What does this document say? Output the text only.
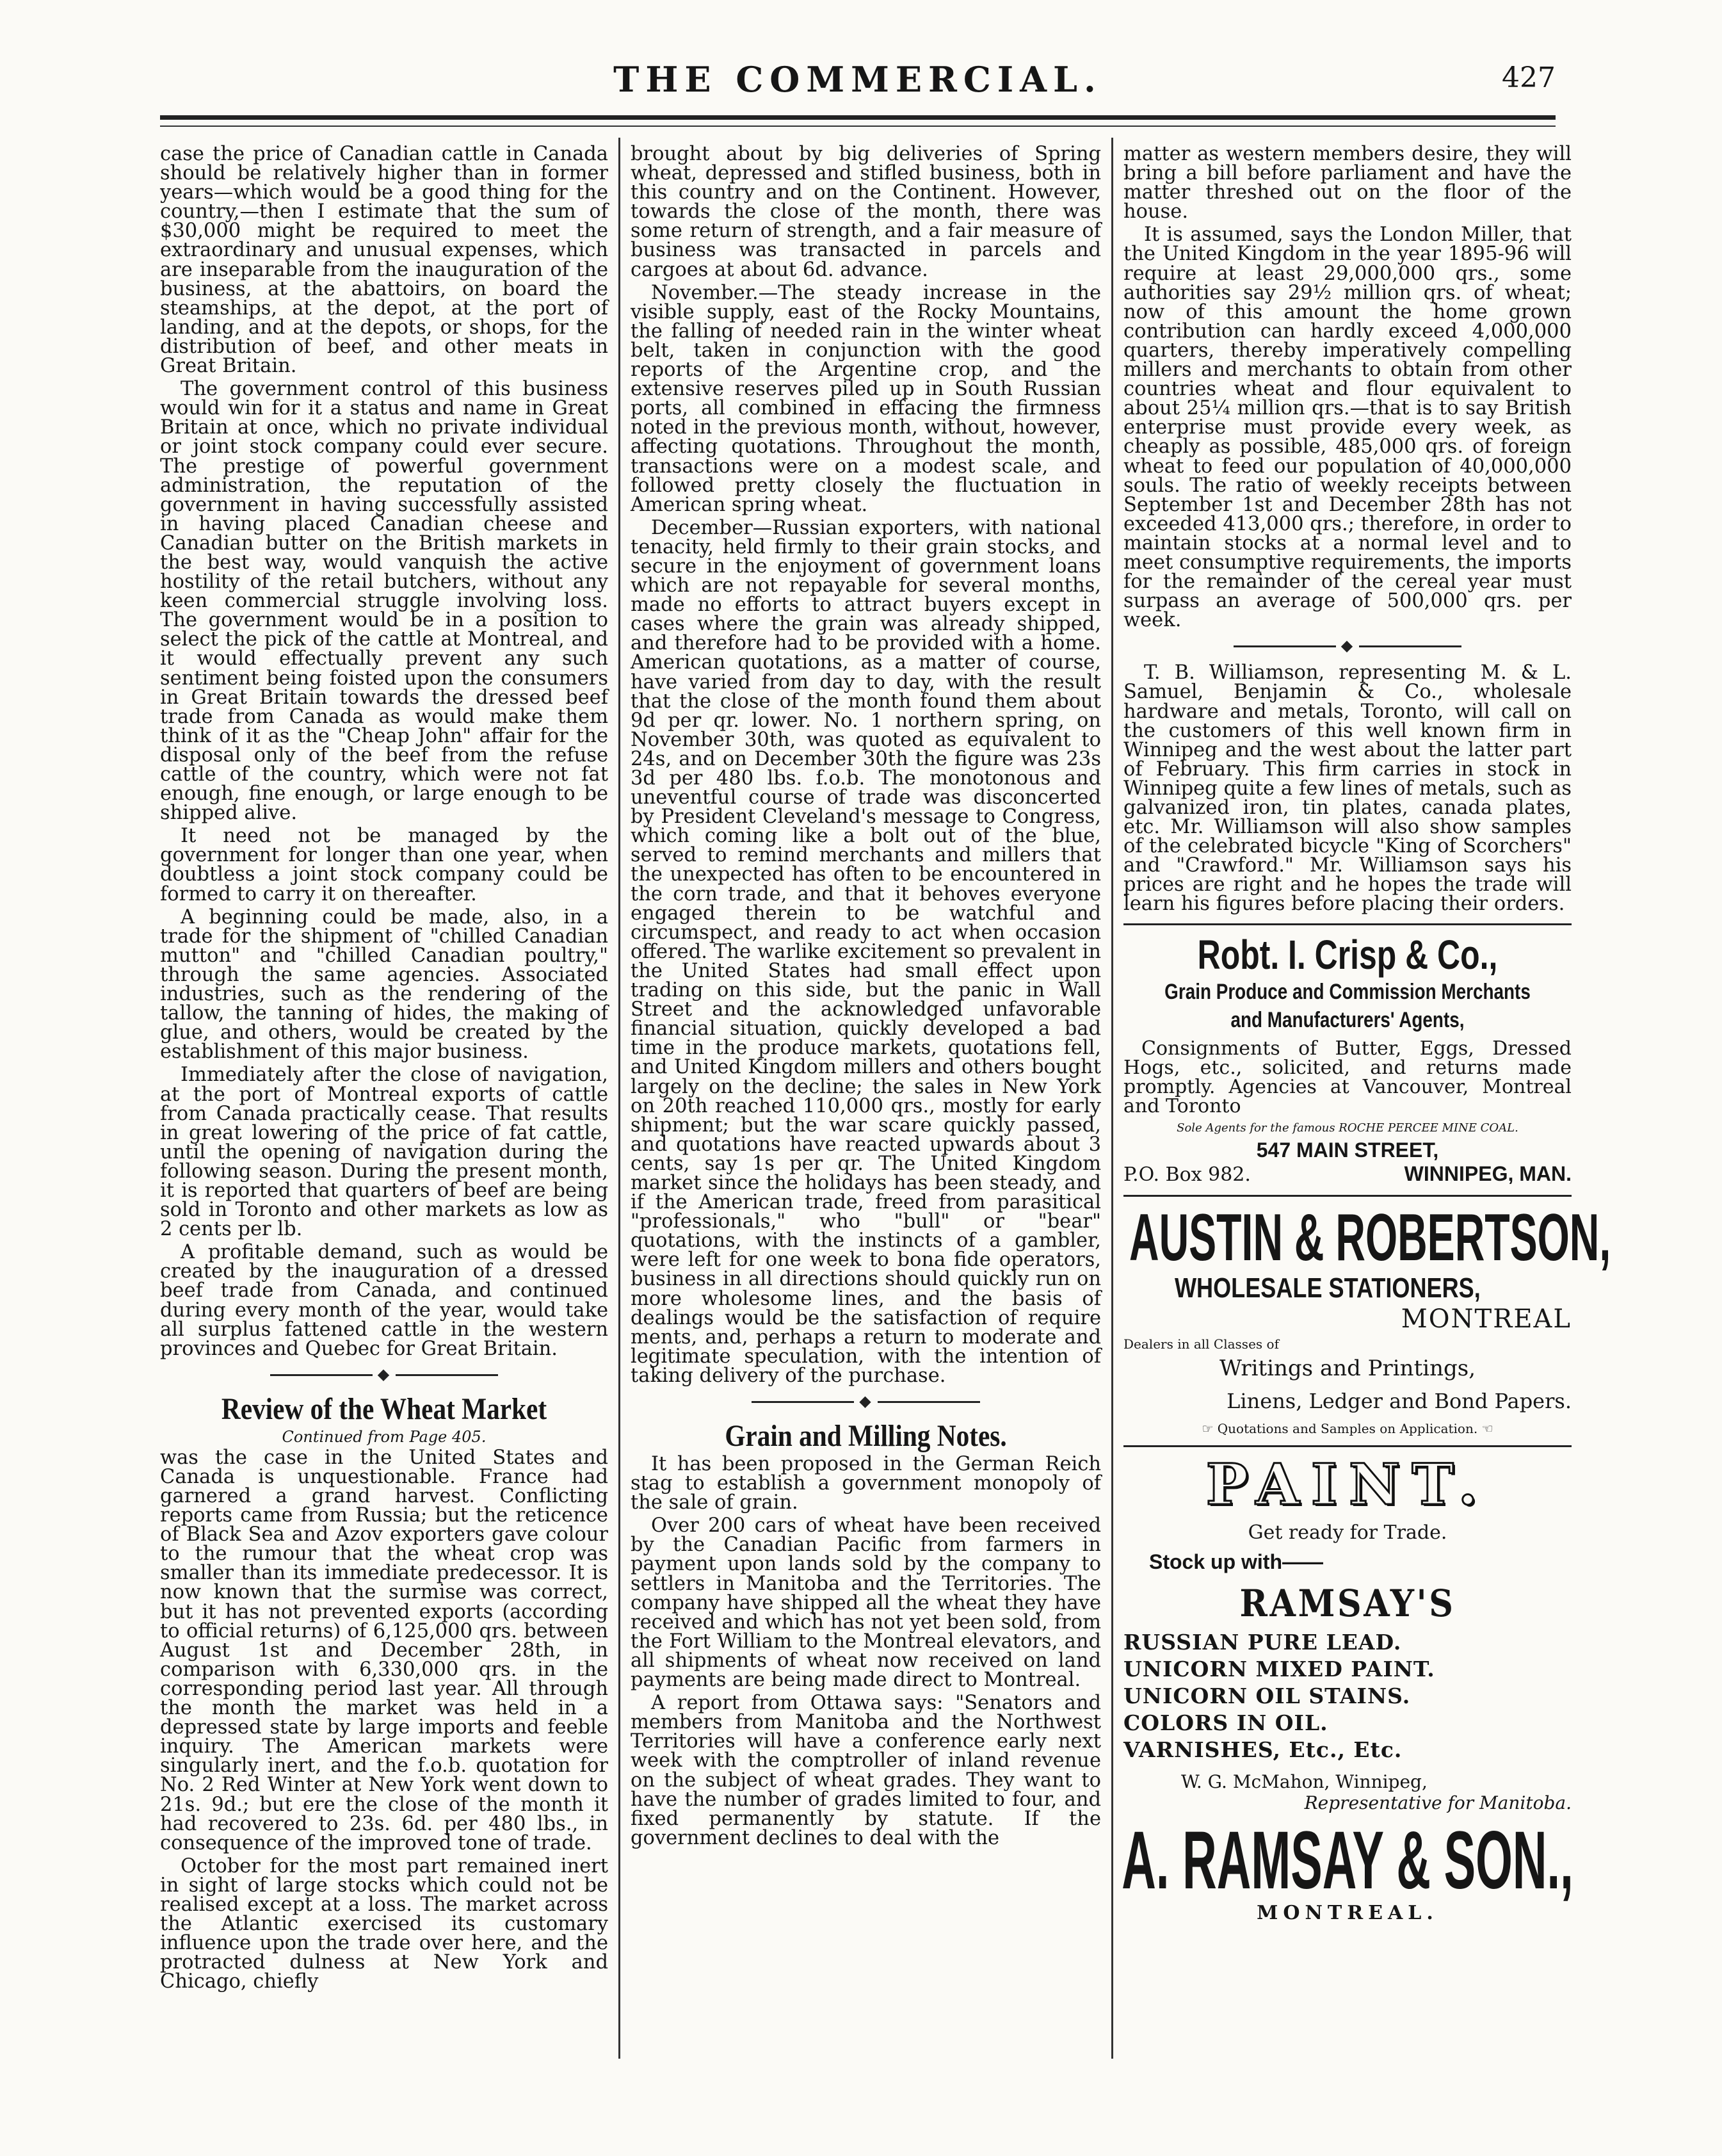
THE COMMERCIAL.	427

case the price of Canadian cattle in Canada should be relatively higher than in former years—which would be a good thing for the country,—then I estimate that the sum of $30,000 might be required to meet the extraordinary and unusual expenses, which are inseparable from the inauguration of the business, at the abattoirs, on board the steamships, at the depot, at the port of landing, and at the depots, or shops, for the distribution of beef, and other meats in Great Britain.

The government control of this business would win for it a status and name in Great Britain at once, which no private individual or joint stock company could ever secure. The prestige of powerful government administration, the reputation of the government in having successfully assisted in having placed Canadian cheese and Canadian butter on the British markets in the best way, would vanquish the active hostility of the retail butchers, without any keen commercial struggle involving loss. The government would be in a position to select the pick of the cattle at Montreal, and it would effectually prevent any such sentiment being foisted upon the consumers in Great Britain towards the dressed beef trade from Canada as would make them think of it as the "Cheap John" affair for the disposal only of the beef from the refuse cattle of the country, which were not fat enough, fine enough, or large enough to be shipped alive.

It need not be managed by the government for longer than one year, when doubtless a joint stock company could be formed to carry it on thereafter.

A beginning could be made, also, in a trade for the shipment of "chilled Canadian mutton" and "chilled Canadian poultry," through the same agencies. Associated industries, such as the rendering of the tallow, the tanning of hides, the making of glue, and others, would be created by the establishment of this major business.

Immediately after the close of navigation, at the port of Montreal exports of cattle from Canada practically cease. That results in great lowering of the price of fat cattle, until the opening of navigation during the following season. During the present month, it is reported that quarters of beef are being sold in Toronto and other markets as low as 2 cents per lb.

A profitable demand, such as would be created by the inauguration of a dressed beef trade from Canada, and continued during every month of the year, would take all surplus fattened cattle in the western provinces and Quebec for Great Britain.

◆
Review of the Wheat Market
Continued from Page 405.

was the case in the United States and Canada is unquestionable. France had garnered a grand harvest. Conflicting reports came from Russia; but the reticence of Black Sea and Azov exporters gave colour to the rumour that the wheat crop was smaller than its immediate predecessor. It is now known that the surmise was correct, but it has not prevented exports (according to official returns) of 6,125,000 qrs. between August 1st and December 28th, in comparison with 6,330,000 qrs. in the corresponding period last year. All through the month the market was held in a depressed state by large imports and feeble inquiry. The American markets were singularly inert, and the f.o.b. quotation for No. 2 Red Winter at New York went down to 21s. 9d.; but ere the close of the month it had recovered to 23s. 6d. per 480 lbs., in consequence of the improved tone of trade.

October for the most part remained inert in sight of large stocks which could not be realised except at a loss. The market across the Atlantic exercised its customary influence upon the trade over here, and the protracted dulness at New York and Chicago, chiefly

brought about by big deliveries of Spring wheat, depressed and stifled business, both in this country and on the Continent. However, towards the close of the month, there was some return of strength, and a fair measure of business was transacted in parcels and cargoes at about 6d. advance.

November.—The steady increase in the visible supply, east of the Rocky Mountains, the falling of needed rain in the winter wheat belt, taken in conjunction with the good reports of the Argentine crop, and the extensive reserves piled up in South Russian ports, all combined in effacing the firmness noted in the previous month, without, however, affecting quotations. Throughout the month, transactions were on a modest scale, and followed pretty closely the fluctuation in American spring wheat.

December—Russian exporters, with national tenacity, held firmly to their grain stocks, and secure in the enjoyment of government loans which are not repayable for several months, made no efforts to attract buyers except in cases where the grain was already shipped, and therefore had to be provided with a home. American quotations, as a matter of course, have varied from day to day, with the result that the close of the month found them about 9d per qr. lower. No. 1 northern spring, on November 30th, was quoted as equivalent to 24s, and on December 30th the figure was 23s 3d per 480 lbs. f.o.b. The monotonous and uneventful course of trade was disconcerted by President Cleveland's message to Congress, which coming like a bolt out of the blue, served to remind merchants and millers that the unexpected has often to be encountered in the corn trade, and that it behoves everyone engaged therein to be watchful and circumspect, and ready to act when occasion offered. The warlike excitement so prevalent in the United States had small effect upon trading on this side, but the panic in Wall Street and the acknowledged unfavorable financial situation, quickly developed a bad time in the produce markets, quotations fell, and United Kingdom millers and others bought largely on the decline; the sales in New York on 20th reached 110,000 qrs., mostly for early shipment; but the war scare quickly passed, and quotations have reacted upwards about 3 cents, say 1s per qr. The United Kingdom market since the holidays has been steady, and if the American trade, freed from parasitical "professionals," who "bull" or "bear" quotations, with the instincts of a gambler, were left for one week to bona fide operators, business in all directions should quickly run on more wholesome lines, and the basis of dealings would be the satisfaction of require ments, and, perhaps a return to moderate and legitimate speculation, with the intention of taking delivery of the purchase.

◆
Grain and Milling Notes.

It has been proposed in the German Reich stag to establish a government monopoly of the sale of grain.

Over 200 cars of wheat have been received by the Canadian Pacific from farmers in payment upon lands sold by the company to settlers in Manitoba and the Territories. The company have shipped all the wheat they have received and which has not yet been sold, from the Fort William to the Montreal elevators, and all shipments of wheat now received on land payments are being made direct to Montreal.

A report from Ottawa says: "Senators and members from Manitoba and the Northwest Territories will have a conference early next week with the comptroller of inland revenue on the subject of wheat grades. They want to have the number of grades limited to four, and fixed permanently by statute. If the government declines to deal with the

matter as western members desire, they will bring a bill before parliament and have the matter threshed out on the floor of the house.

It is assumed, says the London Miller, that the United Kingdom in the year 1895-96 will require at least 29,000,000 qrs., some authorities say 29½ million qrs. of wheat; now of this amount the home grown contribution can hardly exceed 4,000,000 quarters, thereby imperatively compelling millers and merchants to obtain from other countries wheat and flour equivalent to about 25¼ million qrs.—that is to say British enterprise must provide every week, as cheaply as possible, 485,000 qrs. of foreign wheat to feed our population of 40,000,000 souls. The ratio of weekly receipts between September 1st and December 28th has not exceeded 413,000 qrs.; therefore, in order to maintain stocks at a normal level and to meet consumptive requirements, the imports for the remainder of the cereal year must surpass an average of 500,000 qrs. per week.

◆

T. B. Williamson, representing M. & L. Samuel, Benjamin & Co., wholesale hardware and metals, Toronto, will call on the customers of this well known firm in Winnipeg and the west about the latter part of February. This firm carries in stock in Winnipeg quite a few lines of metals, such as galvanized iron, tin plates, canada plates, etc. Mr. Williamson will also show samples of the celebrated bicycle "King of Scorchers" and "Crawford." Mr. Williamson says his prices are right and he hopes the trade will learn his figures before placing their orders.

Robt. I. Crisp & Co.,
Grain Produce and Commission Merchants
and Manufacturers' Agents,

Consignments of Butter, Eggs, Dressed Hogs, etc., solicited, and returns made promptly. Agencies at Vancouver, Montreal and Toronto

Sole Agents for the famous ROCHE PERCEE MINE COAL.
547 MAIN STREET,
P.O. Box 982.	WINNIPEG, MAN.
AUSTIN & ROBERTSON,
WHOLESALE STATIONERS,
MONTREAL
Dealers in all Classes of
Writings and Printings,
Linens, Ledger and Bond Papers.
☞ Quotations and Samples on Application. ☜
PAINT.
Get ready for Trade.
Stock up with——
RAMSAY'S
RUSSIAN PURE LEAD.
UNICORN MIXED PAINT.
UNICORN OIL STAINS.
COLORS IN OIL.
VARNISHES, Etc., Etc.
W. G. McMahon, Winnipeg,
Representative for Manitoba.
A. RAMSAY & SON.,
MONTREAL.
